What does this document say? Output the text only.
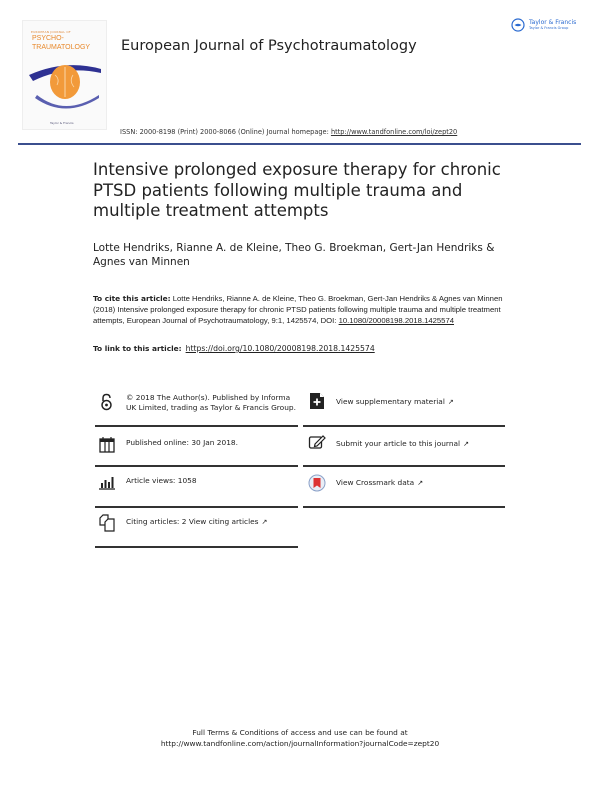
EUROPEAN JOURNAL OF
PSYCHO-
TRAUMATOLOGY
Taylor & Francis
European Journal of Psychotraumatology
Taylor & Francis
Taylor & Francis Group
ISSN: 2000-8198 (Print) 2000-8066 (Online) Journal homepage: http://www.tandfonline.com/loi/zept20
Intensive prolonged exposure therapy for chronic PTSD patients following multiple trauma and multiple treatment attempts
Lotte Hendriks, Rianne A. de Kleine, Theo G. Broekman, Gert-Jan Hendriks & Agnes van Minnen
To cite this article: Lotte Hendriks, Rianne A. de Kleine, Theo G. Broekman, Gert-Jan Hendriks & Agnes van Minnen (2018) Intensive prolonged exposure therapy for chronic PTSD patients following multiple trauma and multiple treatment attempts, European Journal of Psychotraumatology, 9:1, 1425574, DOI: 10.1080/20008198.2018.1425574
To link to this article: https://doi.org/10.1080/20008198.2018.1425574
© 2018 The Author(s). Published by Informa UK Limited, trading as Taylor & Francis Group.
Published online: 30 Jan 2018.
Article views: 1058
Citing articles: 2 View citing articles ↗
View supplementary material ↗
Submit your article to this journal ↗
View Crossmark data ↗
Full Terms & Conditions of access and use can be found at
http://www.tandfonline.com/action/journalInformation?journalCode=zept20
